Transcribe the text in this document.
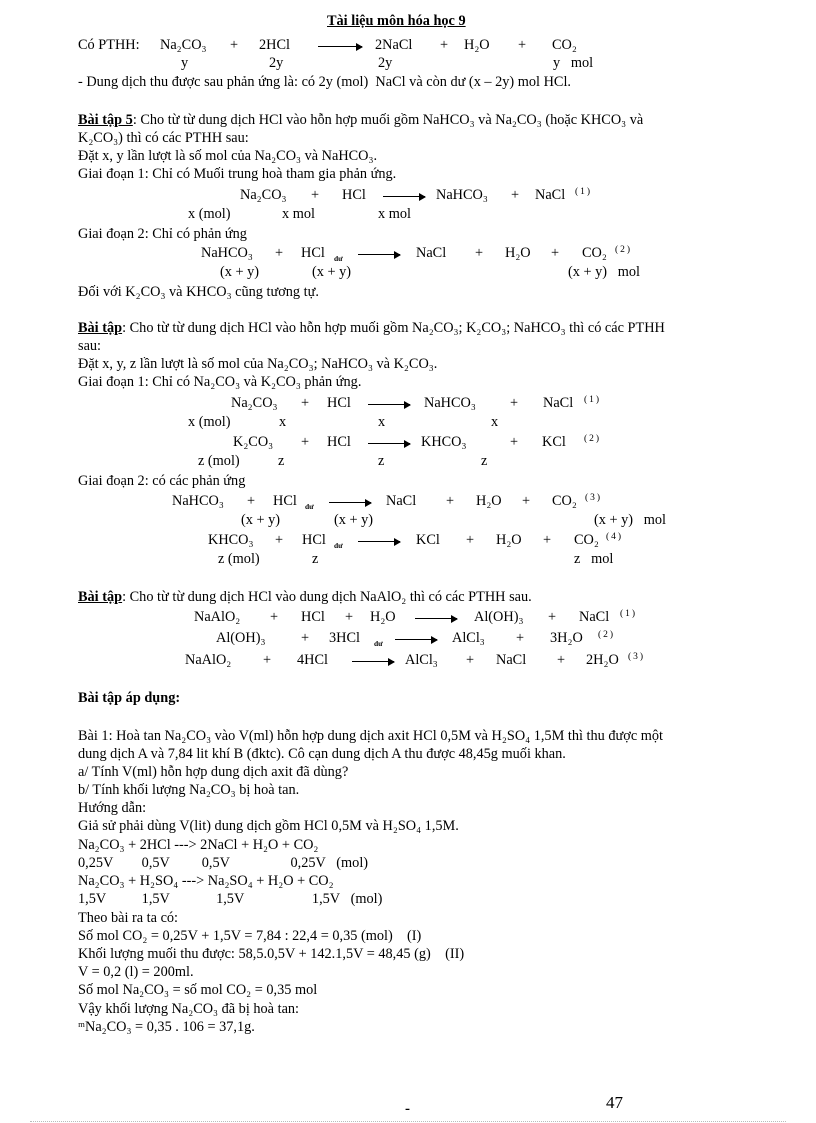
Tài liệu môn hóa học 9
Có PTHH: Na₂CO₃ + 2HCl → 2NaCl + H₂O + CO₂
y	2y	2y	y   mol
- Dung dịch thu được sau phản ứng là: có 2y (mol)  NaCl và còn dư (x – 2y) mol HCl.
Bài tập 5: Cho từ từ dung dịch HCl vào hỗn hợp muối gồm NaHCO₃ và Na₂CO₃ (hoặc KHCO₃ và
K₂CO₃) thì có các PTHH sau:
Đặt x, y lần lượt là số mol của Na₂CO₃ và NaHCO₃.
Giai đoạn 1: Chỉ có Muối trung hoà tham gia phản ứng.
Na₂CO₃ + HCl → NaHCO₃ + NaCl (1)
x (mol)	x mol	x mol
Giai đoạn 2: Chỉ có phản ứng
NaHCO₃ + HCl dư → NaCl + H₂O + CO₂ (2)
(x + y)	(x + y)	(x + y)   mol
Đối với K₂CO₃ và KHCO₃ cũng tương tự.
Bài tập: Cho từ từ dung dịch HCl vào hỗn hợp muối gồm Na₂CO₃; K₂CO₃; NaHCO₃ thì có các PTHH
sau:
Đặt x, y, z lần lượt là số mol của Na₂CO₃; NaHCO₃ và K₂CO₃.
Giai đoạn 1: Chỉ có Na₂CO₃ và K₂CO₃ phản ứng.
Na₂CO₃ + HCl → NaHCO₃ + NaCl (1)
x (mol)	x	x	x
K₂CO₃ + HCl → KHCO₃	+ KCl (2)
z (mol)	z	z	z
Giai đoạn 2: có các phản ứng
NaHCO₃ + HCl dư → NaCl + H₂O + CO₂ (3)
(x + y)	(x + y)	(x + y)   mol
KHCO₃ + HCl dư → KCl + H₂O + CO₂ (4)
z (mol)	z	z   mol
Bài tập: Cho từ từ dung dịch HCl vào dung dịch NaAlO₂ thì có các PTHH sau.
NaAlO₂ + HCl + H₂O → Al(OH)₃ + NaCl (1)
Al(OH)₃ + 3HCl dư → AlCl₃ + 3H₂O (2)
NaAlO₂ + 4HCl → AlCl₃ + NaCl + 2H₂O (3)
Bài tập áp dụng:
Bài 1: Hoà tan Na₂CO₃ vào V(ml) hỗn hợp dung dịch axit HCl 0,5M và H₂SO₄ 1,5M thì thu được một
dung dịch A và 7,84 lit khí B (đktc). Cô cạn dung dịch A thu được 48,45g muối khan.
a/ Tính V(ml) hỗn hợp dung dịch axit đã dùng?
b/ Tính khối lượng Na₂CO₃ bị hoà tan.
Hướng dẫn:
Giả sử phải dùng V(lit) dung dịch gồm HCl 0,5M và H₂SO₄ 1,5M.
Na₂CO₃ + 2HCl ---> 2NaCl + H₂O + CO₂
0,25V        0,5V         0,5V                 0,25V   (mol)
Na₂CO₃ + H₂SO₄ ---> Na₂SO₄ + H₂O + CO₂
1,5V          1,5V             1,5V                   1,5V   (mol)
Theo bài ra ta có:
Số mol CO₂ = 0,25V + 1,5V = 7,84 : 22,4 = 0,35 (mol)    (I)
Khối lượng muối thu được: 58,5.0,5V + 142.1,5V = 48,45 (g)    (II)
V = 0,2 (l) = 200ml.
Số mol Na₂CO₃ = số mol CO₂ = 0,35 mol
Vậy khối lượng Na₂CO₃ đã bị hoà tan:
ᵐNa₂CO₃ = 0,35 . 106 = 37,1g.
-	47
